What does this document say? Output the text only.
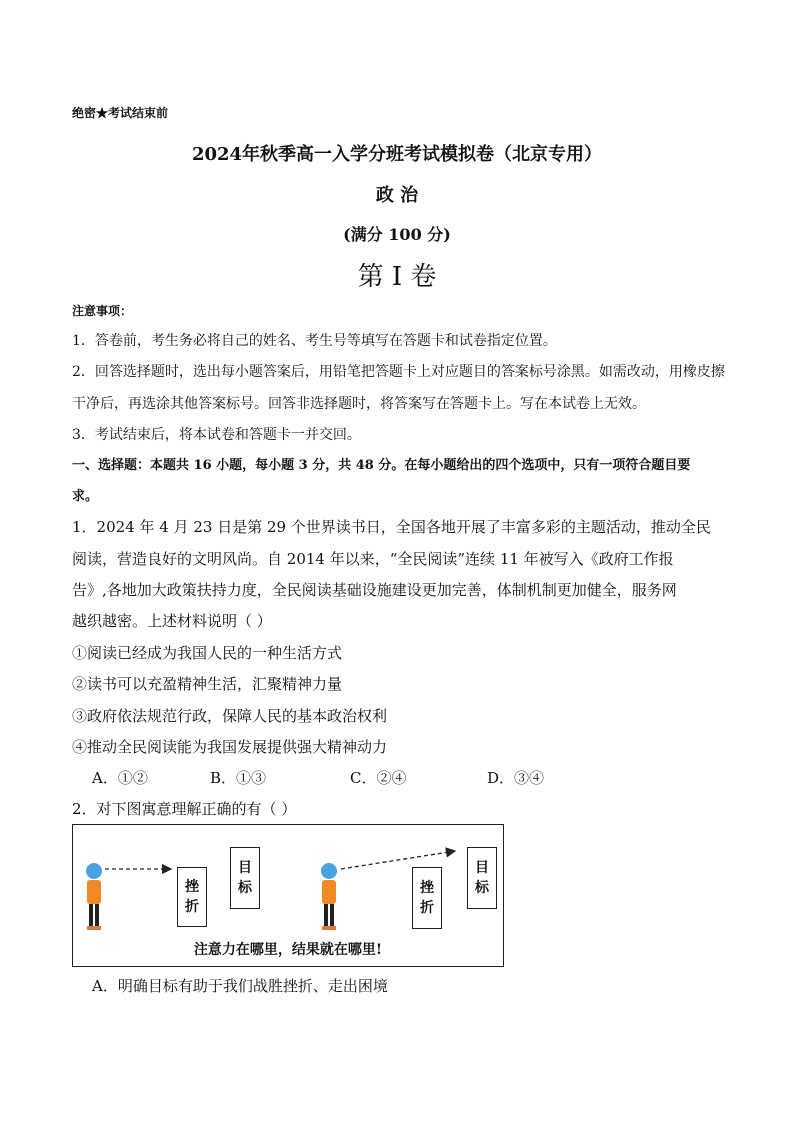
绝密★考试结束前
2024年秋季高一入学分班考试模拟卷（北京专用）
政 治
(满分 100 分)
第 I 卷
注意事项：
1．答卷前，考生务必将自己的姓名、考生号等填写在答题卡和试卷指定位置。
2．回答选择题时，选出每小题答案后，用铅笔把答题卡上对应题目的答案标号涂黑。如需改动，用橡皮擦
干净后，再选涂其他答案标号。回答非选择题时，将答案写在答题卡上。写在本试卷上无效。
3．考试结束后，将本试卷和答题卡一并交回。
一、选择题：本题共 16 小题，每小题 3 分，共 48 分。在每小题给出的四个选项中，只有一项符合题目要
求。
1．2024 年 4 月 23 日是第 29 个世界读书日，全国各地开展了丰富多彩的主题活动，推动全民
阅读，营造良好的文明风尚。自 2014 年以来，“全民阅读”连续 11 年被写入《政府工作报
告》,各地加大政策扶持力度，全民阅读基础设施建设更加完善，体制机制更加健全，服务网
越织越密。上述材料说明（ ）
①阅读已经成为我国人民的一种生活方式
②读书可以充盈精神生活，汇聚精神力量
③政府依法规范行政，保障人民的基本政治权利
④推动全民阅读能为我国发展提供强大精神动力
A．①②	B．①③	C．②④	D．③④
2．对下图寓意理解正确的有（ ）
挫折
目标	挫折
目标
注意力在哪里，结果就在哪里!
A．明确目标有助于我们战胜挫折、走出困境
